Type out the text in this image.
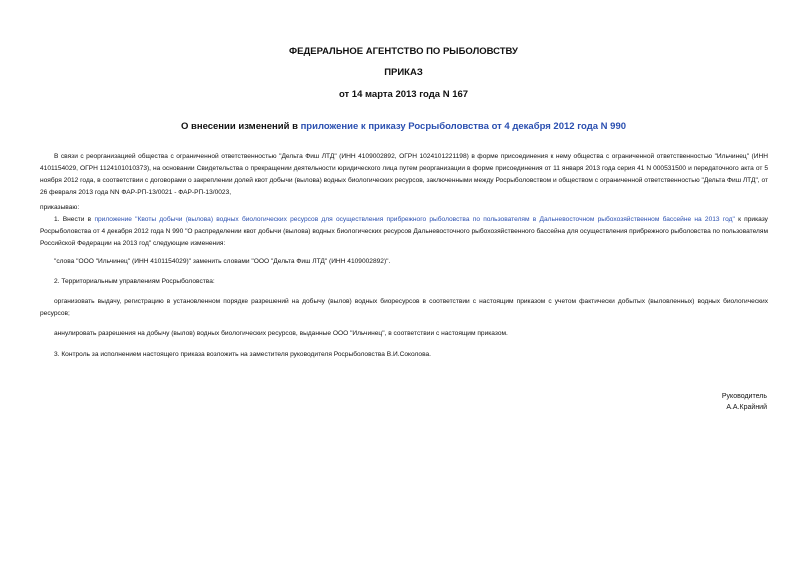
ФЕДЕРАЛЬНОЕ АГЕНТСТВО ПО РЫБОЛОВСТВУ
ПРИКАЗ
от 14 марта 2013 года N 167
О внесении изменений в приложение к приказу Росрыболовства от 4 декабря 2012 года N 990
В связи с реорганизацией общества с ограниченной ответственностью "Дельта Фиш ЛТД" (ИНН 4109002892, ОГРН 1024101221198) в форме присоединения к нему общества с ограниченной ответственностью "Ильчинец" (ИНН 4101154029, ОГРН 1124101010373), на основании Свидетельства о прекращении деятельности юридического лица путем реорганизации в форме присоединения от 11 января 2013 года серия 41 N 000531500 и передаточного акта от 5 ноября 2012 года, в соответствии с договорами о закреплении долей квот добычи (вылова) водных биологических ресурсов, заключенными между Росрыболовством и обществом с ограниченной ответственностью "Дельта Фиш ЛТД", от 26 февраля 2013 года NN ФАР-РП-13/0021 - ФАР-РП-13/0023,
приказываю:
1. Внести в приложение "Квоты добычи (вылова) водных биологических ресурсов для осуществления прибрежного рыболовства по пользователям в Дальневосточном рыбохозяйственном бассейне на 2013 год" к приказу Росрыболовства от 4 декабря 2012 года N 990 "О распределении квот добычи (вылова) водных биологических ресурсов Дальневосточного рыбохозяйственного бассейна для осуществления прибрежного рыболовства по пользователям Российской Федерации на 2013 год" следующие изменения:
"слова "ООО "Ильчинец" (ИНН 4101154029)" заменить словами "ООО "Дельта Фиш ЛТД" (ИНН 4109002892)".
2. Территориальным управлениям Росрыболовства:
организовать выдачу, регистрацию в установленном порядке разрешений на добычу (вылов) водных биоресурсов в соответствии с настоящим приказом с учетом фактически добытых (выловленных) водных биологических ресурсов;
аннулировать разрешения на добычу (вылов) водных биологических ресурсов, выданные ООО "Ильчинец", в соответствии с настоящим приказом.
3. Контроль за исполнением настоящего приказа возложить на заместителя руководителя Росрыболовства В.И.Соколова.
Руководитель
А.А.Крайний
